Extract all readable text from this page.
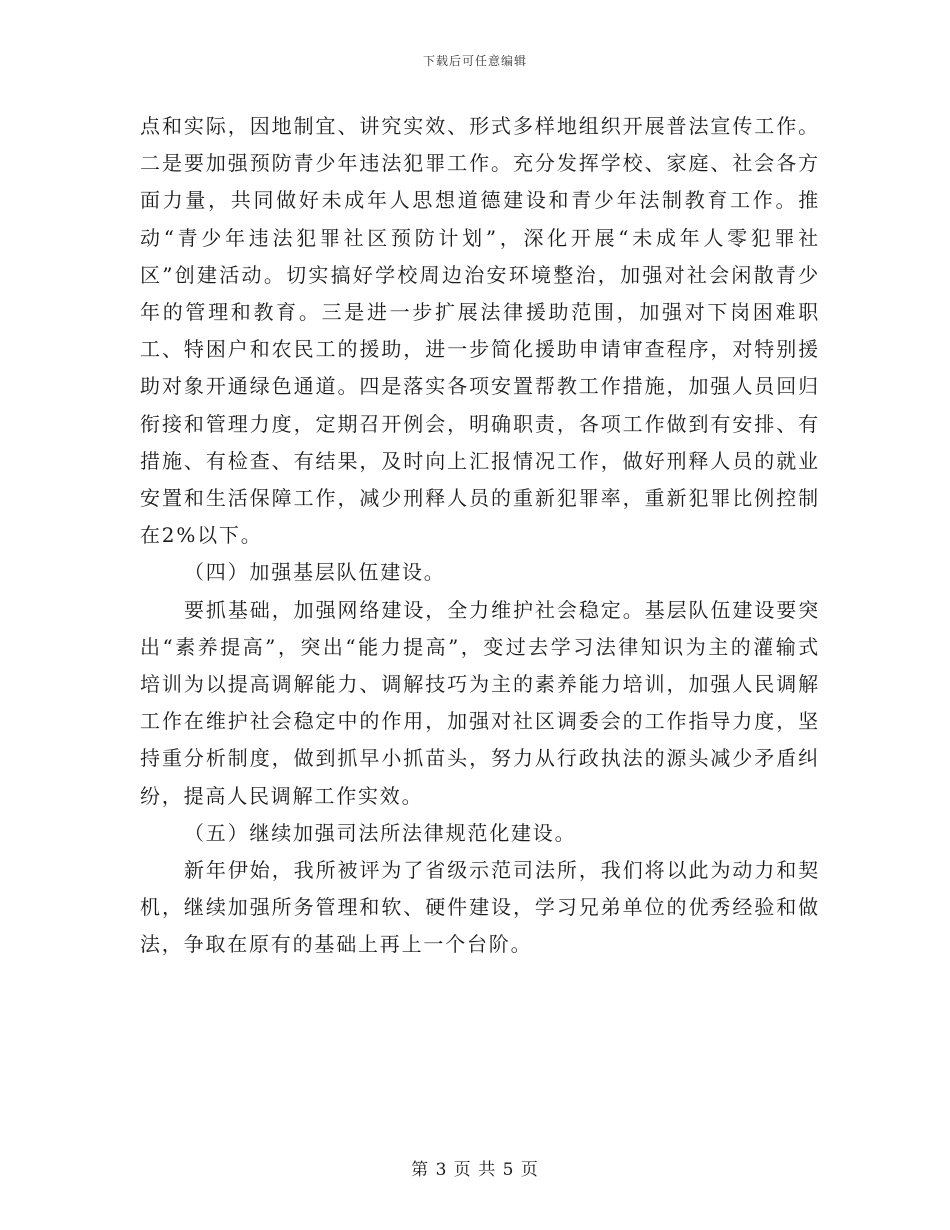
下载后可任意编辑

点和实际，因地制宜、讲究实效、形式多样地组织开展普法宣传工作。二是要加强预防青少年违法犯罪工作。充分发挥学校、家庭、社会各方面力量，共同做好未成年人思想道德建设和青少年法制教育工作。推动“青少年违法犯罪社区预防计划”，深化开展“未成年人零犯罪社区”创建活动。切实搞好学校周边治安环境整治，加强对社会闲散青少年的管理和教育。三是进一步扩展法律援助范围，加强对下岗困难职工、特困户和农民工的援助，进一步简化援助申请审查程序，对特别援助对象开通绿色通道。四是落实各项安置帮教工作措施，加强人员回归衔接和管理力度，定期召开例会，明确职责，各项工作做到有安排、有措施、有检查、有结果，及时向上汇报情况工作，做好刑释人员的就业安置和生活保障工作，减少刑释人员的重新犯罪率，重新犯罪比例控制在2%以下。

（四）加强基层队伍建设。

要抓基础，加强网络建设，全力维护社会稳定。基层队伍建设要突出“素养提高”，突出“能力提高”，变过去学习法律知识为主的灌输式培训为以提高调解能力、调解技巧为主的素养能力培训，加强人民调解工作在维护社会稳定中的作用，加强对社区调委会的工作指导力度，坚持重分析制度，做到抓早小抓苗头，努力从行政执法的源头减少矛盾纠纷，提高人民调解工作实效。

（五）继续加强司法所法律规范化建设。

新年伊始，我所被评为了省级示范司法所，我们将以此为动力和契机，继续加强所务管理和软、硬件建设，学习兄弟单位的优秀经验和做法，争取在原有的基础上再上一个台阶。

第 3 页 共 5 页
